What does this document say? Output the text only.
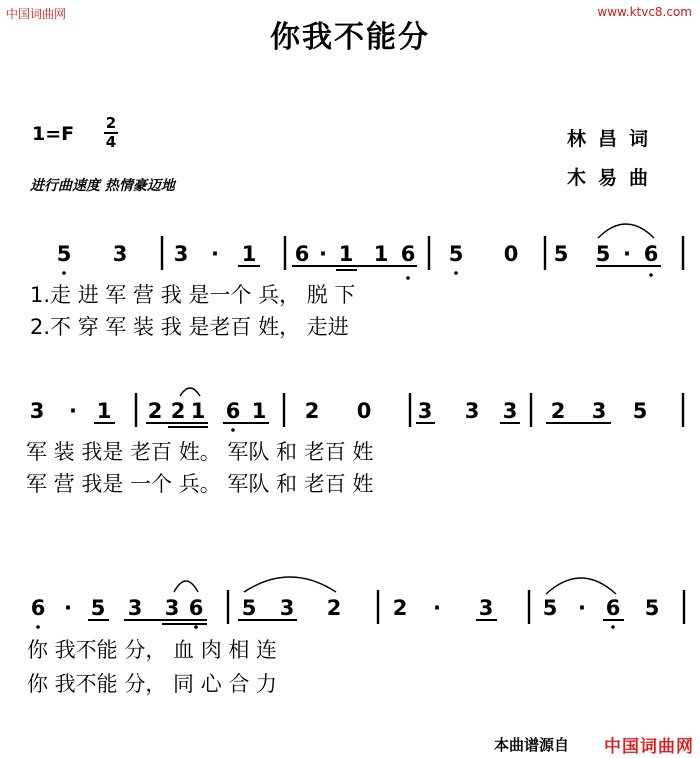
中国词曲网	www.ktvc8.com
你我不能分
1=F 2
4
进行曲速度 热情豪迈地
林昌词
木易曲
5 3 3 · 1 6 · 1 1 6 5 0 5 5 · 6
3 · 1 2 2 1 6 1 2 0 3 3 3 2 3 5
6 · 5 3 3 6 5 3 2 2 · 3 5 · 6 5
1.走 进 军 营 我 是一个 兵， 脱 下
2.不 穿 军 装 我 是老百 姓， 走进
军 装 我是 老百 姓。 军队 和 老百 姓
军 营 我是 一个 兵。 军队 和 老百 姓
你 我不能 分， 血 肉 相 连
你 我不能 分， 同 心 合 力
本曲谱源自 中国词曲网
